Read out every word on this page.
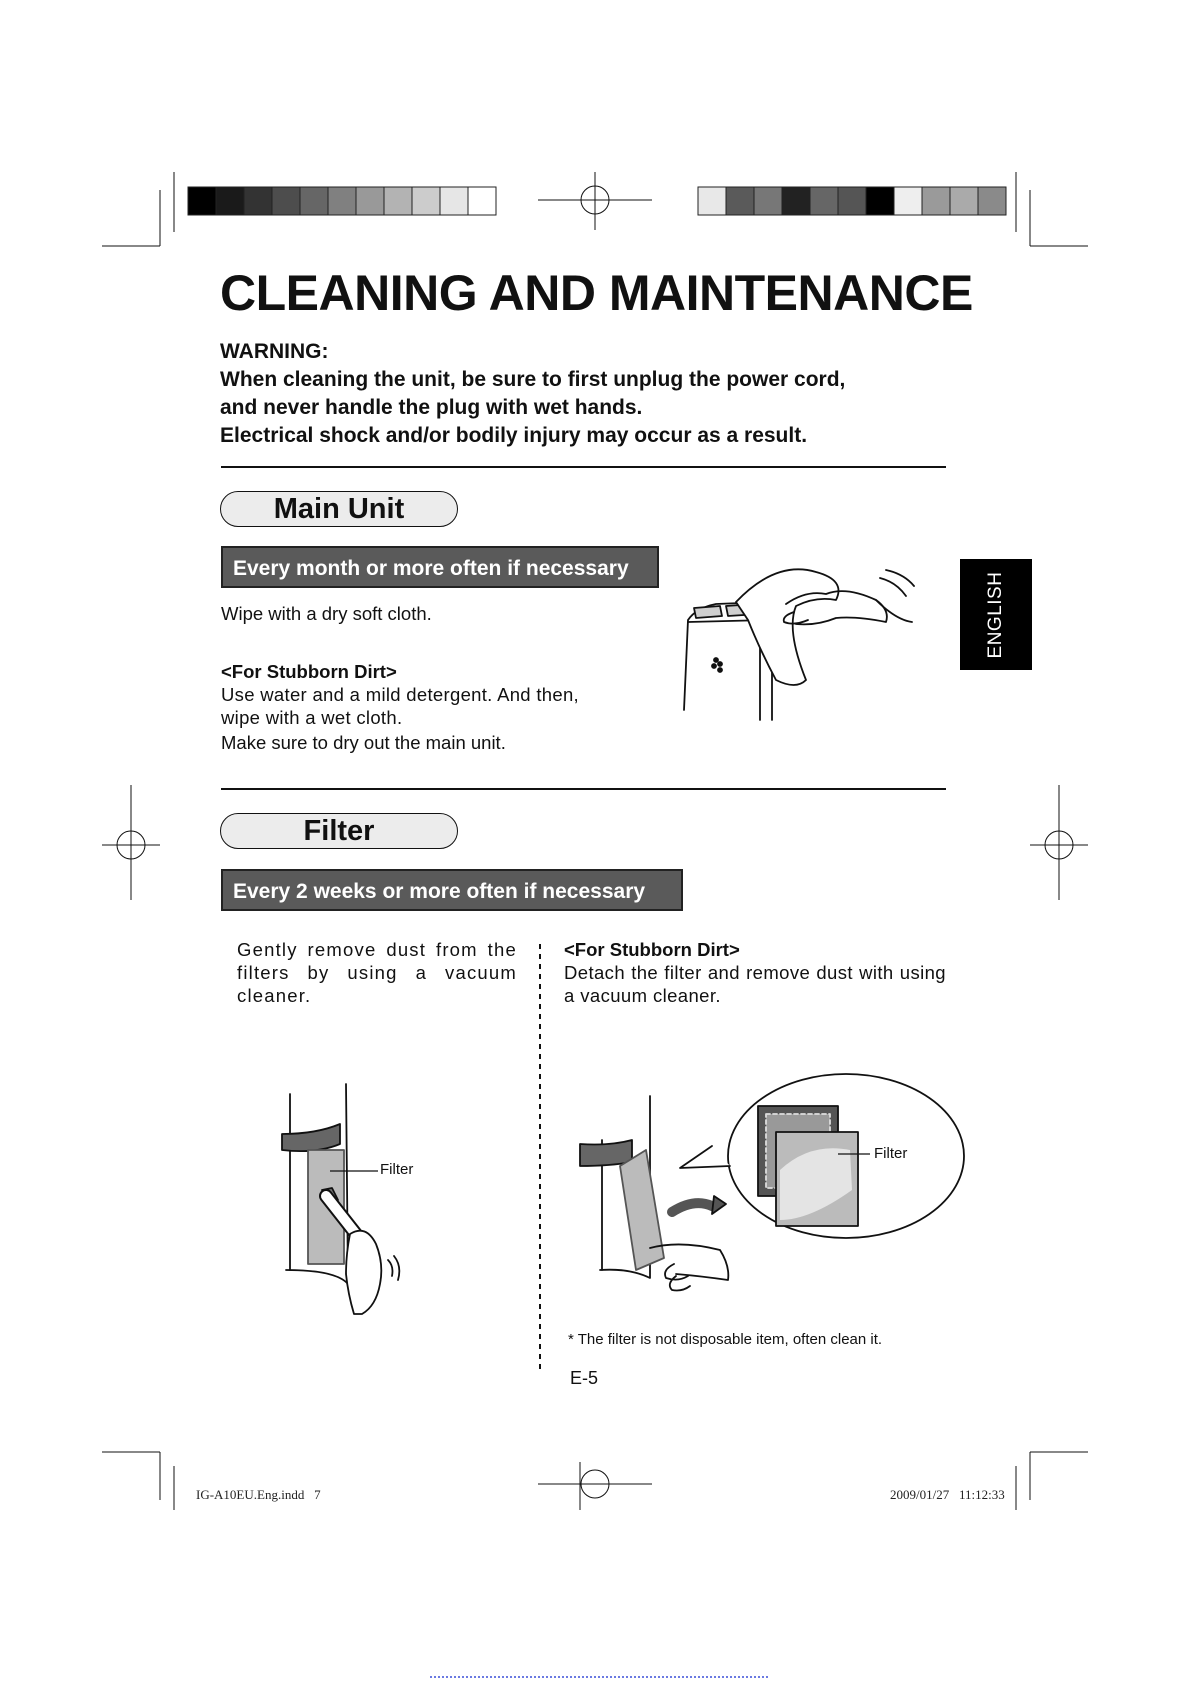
CLEANING AND MAINTENANCE
WARNING:
When cleaning the unit, be sure to first unplug the power cord,
and never handle the plug with wet hands.
Electrical shock and/or bodily injury may occur as a result.
ENGLISH
Main Unit
Every month or more often if necessary
Wipe with a dry soft cloth.
<For Stubborn Dirt>
Use water and a mild detergent. And then, wipe with a wet cloth.
Make sure to dry out the main unit.
Filter
Every 2 weeks or more often if necessary
Gently remove dust from the filters by using a vacuum cleaner.
<For Stubborn Dirt>
Detach the filter and remove dust with using a vacuum cleaner.
Filter
Filter
* The filter is not disposable item, often clean it.
E-5
IG-A10EU.Eng.indd   7	2009/01/27   11:12:33
